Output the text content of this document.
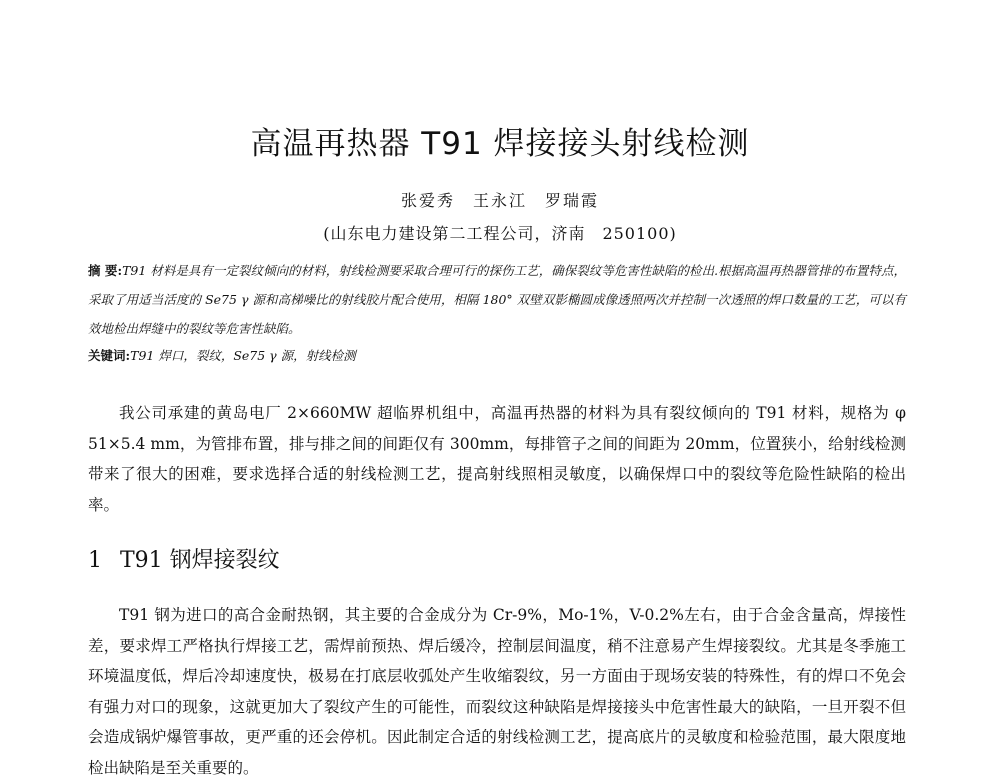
高温再热器 T91 焊接接头射线检测
张爱秀　王永江　罗瑞霞
(山东电力建设第二工程公司，济南　250100)
摘 要:T91 材料是具有一定裂纹倾向的材料，射线检测要采取合理可行的探伤工艺，确保裂纹等危害性缺陷的检出.根据高温再热器管排的布置特点，采取了用适当活度的 Se75 γ 源和高梯噪比的射线胶片配合使用，相隔 180° 双壁双影椭圆成像透照两次并控制一次透照的焊口数量的工艺，可以有效地检出焊缝中的裂纹等危害性缺陷。
关键词:T91 焊口，裂纹，Se75 γ 源，射线检测

我公司承建的黄岛电厂 2×660MW 超临界机组中，高温再热器的材料为具有裂纹倾向的 T91 材料，规格为 φ 51×5.4 mm，为管排布置，排与排之间的间距仅有 300mm，每排管子之间的间距为 20mm，位置狭小，给射线检测带来了很大的困难，要求选择合适的射线检测工艺，提高射线照相灵敏度，以确保焊口中的裂纹等危险性缺陷的检出率。

1 T91 钢焊接裂纹

T91 钢为进口的高合金耐热钢，其主要的合金成分为 Cr-9%，Mo-1%，V-0.2%左右，由于合金含量高，焊接性差，要求焊工严格执行焊接工艺，需焊前预热、焊后缓冷，控制层间温度，稍不注意易产生焊接裂纹。尤其是冬季施工环境温度低，焊后冷却速度快，极易在打底层收弧处产生收缩裂纹，另一方面由于现场安装的特殊性，有的焊口不免会有强力对口的现象，这就更加大了裂纹产生的可能性，而裂纹这种缺陷是焊接接头中危害性最大的缺陷，一旦开裂不但会造成锅炉爆管事故，更严重的还会停机。因此制定合适的射线检测工艺，提高底片的灵敏度和检验范围，最大限度地检出缺陷是至关重要的。
